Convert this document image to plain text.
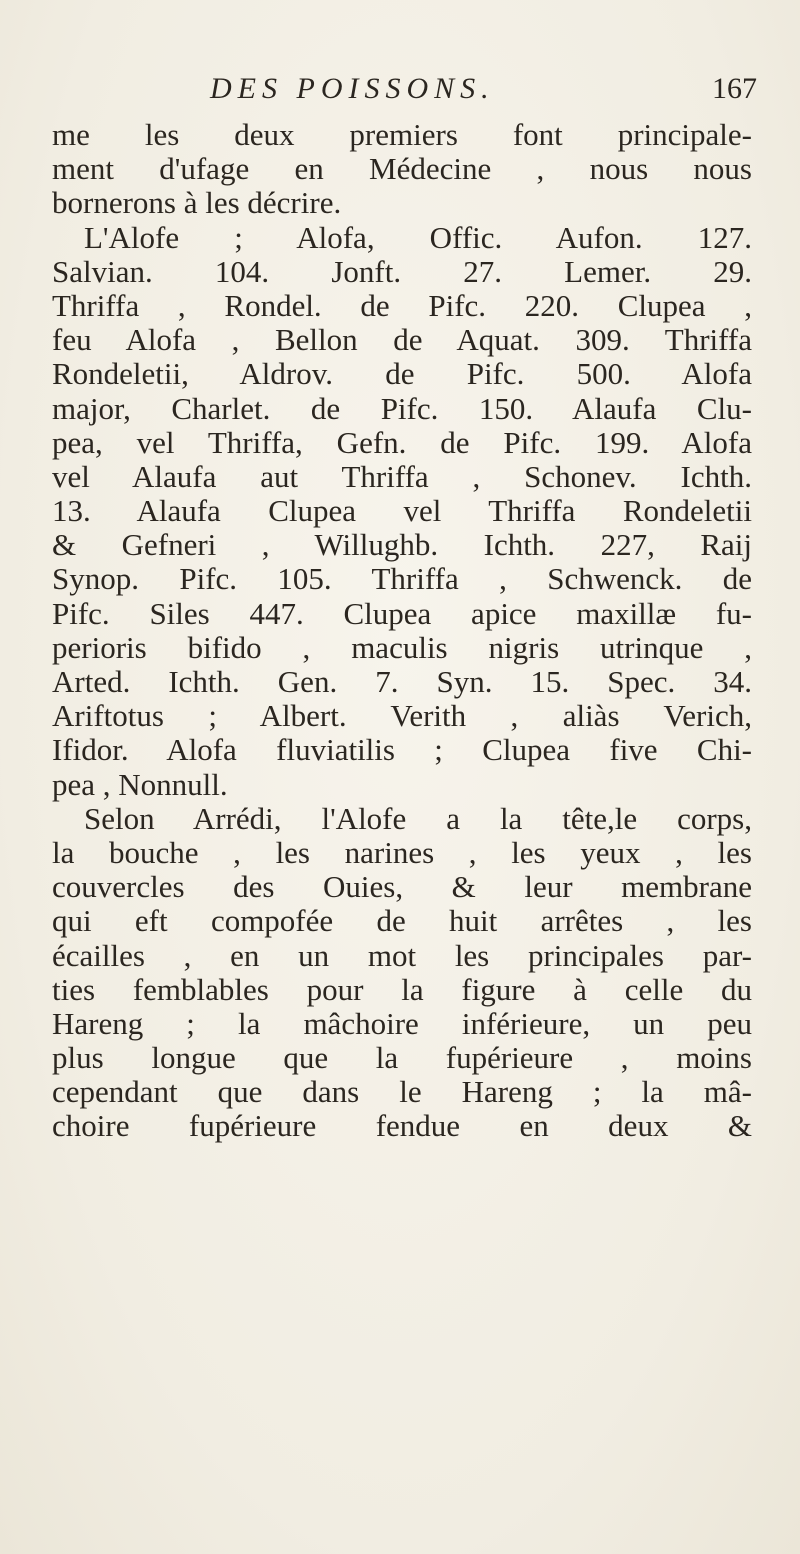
DES POISSONS.	167
me les deux premiers font principale-
ment d'ufage en Médecine , nous nous
bornerons à les décrire.
L'Alofe ; Alofa, Offic. Aufon. 127.
Salvian. 104. Jonft. 27. Lemer. 29.
Thriffa , Rondel. de Pifc. 220. Clupea ,
feu Alofa , Bellon de Aquat. 309. Thriffa
Rondeletii, Aldrov. de Pifc. 500. Alofa
major, Charlet. de Pifc. 150. Alaufa Clu-
pea, vel Thriffa, Gefn. de Pifc. 199. Alofa
vel Alaufa aut Thriffa , Schonev. Ichth.
13. Alaufa Clupea vel Thriffa Rondeletii
& Gefneri , Willughb. Ichth. 227, Raij
Synop. Pifc. 105. Thriffa , Schwenck. de
Pifc. Siles 447. Clupea apice maxillæ fu-
perioris bifido , maculis nigris utrinque ,
Arted. Ichth. Gen. 7. Syn. 15. Spec. 34.
Ariftotus ; Albert. Verith , aliàs Verich,
Ifidor. Alofa fluviatilis ; Clupea five Chi-
pea , Nonnull.
Selon Arrédi, l'Alofe a la tête,le corps,
la bouche , les narines , les yeux , les
couvercles des Ouies, & leur membrane
qui eft compofée de huit arrêtes , les
écailles , en un mot les principales par-
ties femblables pour la figure à celle du
Hareng ; la mâchoire inférieure, un peu
plus longue que la fupérieure , moins
cependant que dans le Hareng ; la mâ-
choire fupérieure fendue en deux &
